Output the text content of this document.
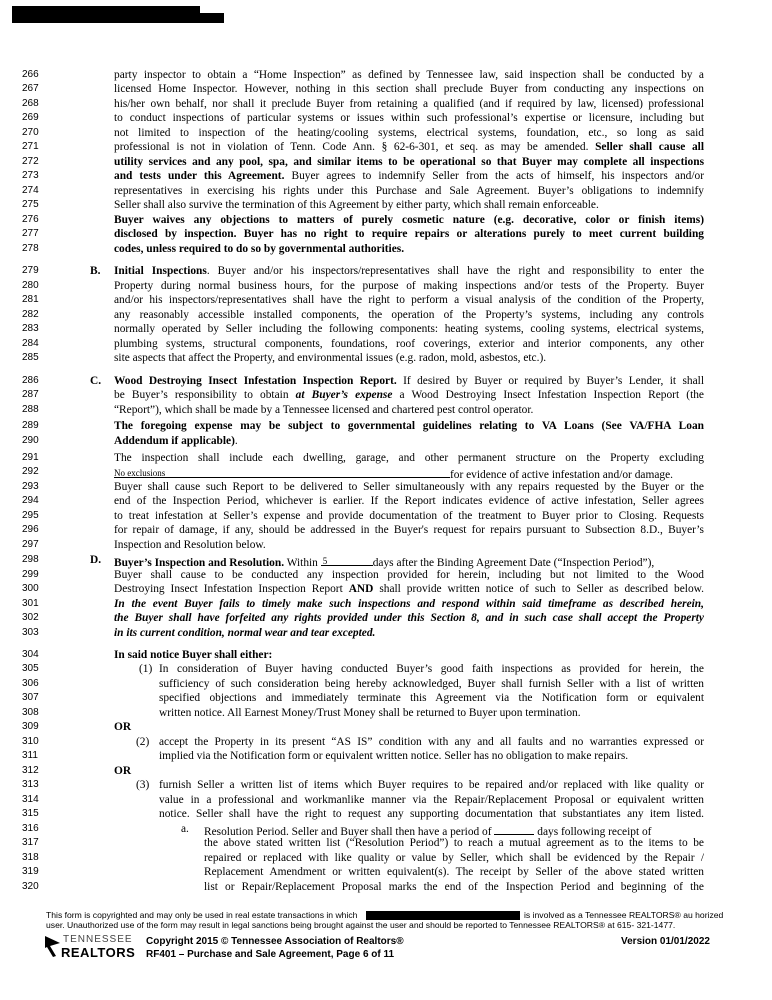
266
267
268
269
270
271
272
273
274
275
276
277
278
279
280
281
282
283
284
285
286
287
288
289
290
291
292
293
294
295
296
297
298
299
300
301
302
303
304
305
306
307
308
309
310
311
312
313
314
315
316
317
318
319
320
party inspector to obtain a “Home Inspection” as defined by Tennessee law, said inspection shall be conducted by a
licensed Home Inspector. However, nothing in this section shall preclude Buyer from conducting any inspections on
his/her own behalf, nor shall it preclude Buyer from retaining a qualified (and if required by law, licensed) professional
to conduct inspections of particular systems or issues within such professional’s expertise or licensure, including but
not limited to inspection of the heating/cooling systems, electrical systems, foundation, etc., so long as said
professional is not in violation of Tenn. Code Ann. § 62-6-301, et seq. as may be amended. Seller shall cause all
utility services and any pool, spa, and similar items to be operational so that Buyer may complete all inspections
and tests under this Agreement. Buyer agrees to indemnify Seller from the acts of himself, his inspectors and/or
representatives in exercising his rights under this Purchase and Sale Agreement. Buyer’s obligations to indemnify
Seller shall also survive the termination of this Agreement by either party, which shall remain enforceable.
Buyer waives any objections to matters of purely cosmetic nature (e.g. decorative, color or finish items)
disclosed by inspection. Buyer has no right to require repairs or alterations purely to meet current building
codes, unless required to do so by governmental authorities.
B. Initial Inspections. Buyer and/or his inspectors/representatives shall have the right and responsibility to enter the
Property during normal business hours, for the purpose of making inspections and/or tests of the Property. Buyer
and/or his inspectors/representatives shall have the right to perform a visual analysis of the condition of the Property,
any reasonably accessible installed components, the operation of the Property’s systems, including any controls
normally operated by Seller including the following components: heating systems, cooling systems, electrical systems,
plumbing systems, structural components, foundations, roof coverings, exterior and interior components, any other
site aspects that affect the Property, and environmental issues (e.g. radon, mold, asbestos, etc.).
C. Wood Destroying Insect Infestation Inspection Report. If desired by Buyer or required by Buyer’s Lender, it shall
be Buyer’s responsibility to obtain at Buyer’s expense a Wood Destroying Insect Infestation Inspection Report (the
“Report”), which shall be made by a Tennessee licensed and chartered pest control operator.
The foregoing expense may be subject to governmental guidelines relating to VA Loans (See VA/FHA Loan
Addendum if applicable).
The inspection shall include each dwelling, garage, and other permanent structure on the Property excluding
No exclusions	for evidence of active infestation and/or damage.
Buyer shall cause such Report to be delivered to Seller simultaneously with any repairs requested by the Buyer or the
end of the Inspection Period, whichever is earlier. If the Report indicates evidence of active infestation, Seller agrees
to treat infestation at Seller’s expense and provide documentation of the treatment to Buyer prior to Closing. Requests
for repair of damage, if any, should be addressed in the Buyer's request for repairs pursuant to Subsection 8.D., Buyer’s
Inspection and Resolution below.
D. Buyer’s Inspection and Resolution. Within 5	days after the Binding Agreement Date (“Inspection Period”),
Buyer shall cause to be conducted any inspection provided for herein, including but not limited to the Wood
Destroying Insect Infestation Inspection Report AND shall provide written notice of such to Seller as described below.
In the event Buyer fails to timely make such inspections and respond within said timeframe as described herein,
the Buyer shall have forfeited any rights provided under this Section 8, and in such case shall accept the Property
in its current condition, normal wear and tear excepted.
In said notice Buyer shall either:
(1) In consideration of Buyer having conducted Buyer’s good faith inspections as provided for herein, the
sufficiency of such consideration being hereby acknowledged, Buyer shall furnish Seller with a list of written
specified objections and immediately terminate this Agreement via the Notification form or equivalent
written notice. All Earnest Money/Trust Money shall be returned to Buyer upon termination.
OR
(2) accept the Property in its present “AS IS” condition with any and all faults and no warranties expressed or
implied via the Notification form or equivalent written notice. Seller has no obligation to make repairs.
OR
(3) furnish Seller a written list of items which Buyer requires to be repaired and/or replaced with like quality or
value in a professional and workmanlike manner via the Repair/Replacement Proposal or equivalent written
notice. Seller shall have the right to request any supporting documentation that substantiates any item listed.
a. Resolution Period. Seller and Buyer shall then have a period of	days following receipt of
the above stated written list (“Resolution Period”) to reach a mutual agreement as to the items to be
repaired or replaced with like quality or value by Seller, which shall be evidenced by the Repair /
Replacement Amendment or written equivalent(s). The receipt by Seller of the above stated written
list or Repair/Replacement Proposal marks the end of the Inspection Period and beginning of the
This form is copyrighted and may only be used in real estate transactions in which	is involved as a Tennessee REALTORS® au horized
user. Unauthorized use of the form may result in legal sanctions being brought against the user and should be reported to Tennessee REALTORS® at 615- 321-1477.
TENNESSEE
REALTORS
Copyright 2015 © Tennessee Association of Realtors®
RF401 – Purchase and Sale Agreement, Page 6 of 11
Version 01/01/2022
